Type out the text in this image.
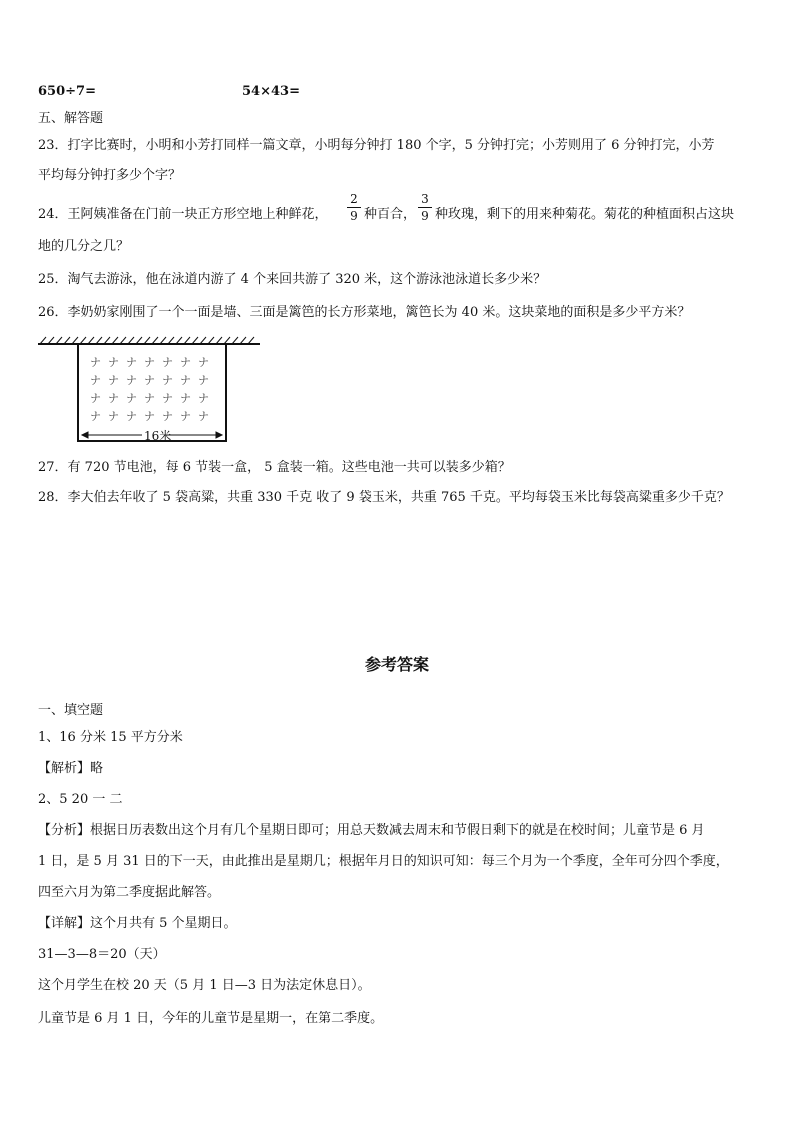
650÷7=	54×43=
五、解答题
23．打字比赛时，小明和小芳打同样一篇文章，小明每分钟打 180 个字，5 分钟打完；小芳则用了 6 分钟打完，小芳
平均每分钟打多少个字？
24．王阿姨准备在门前一块正方形空地上种鲜花，
2
9 种百合，
3
9 种玫瑰，剩下的用来种菊花。菊花的种植面积占这块
地的几分之几？
25．淘气去游泳，他在泳道内游了 4 个来回共游了 320 米，这个游泳池泳道长多少米？
26．李奶奶家刚围了一个一面是墙、三面是篱笆的长方形菜地，篱笆长为 40 米。这块菜地的面积是多少平方米？
ナ ナ ナ ナ ナ ナ ナ
ナ ナ ナ ナ ナ ナ ナ
ナ ナ ナ ナ ナ ナ ナ
ナ ナ ナ ナ ナ ナ ナ
16米
27．有 720 节电池，每 6 节装一盒， 5 盒装一箱。这些电池一共可以装多少箱？
28．李大伯去年收了 5 袋高粱，共重 330 千克 收了 9 袋玉米，共重 765 千克。平均每袋玉米比每袋高粱重多少千克？
参考答案
一、填空题
1、16 分米 15 平方分米
【解析】略
2、5 20 一 二
【分析】根据日历表数出这个月有几个星期日即可；用总天数减去周末和节假日剩下的就是在校时间；儿童节是 6 月
1 日，是 5 月 31 日的下一天，由此推出是星期几；根据年月日的知识可知：每三个月为一个季度，全年可分四个季度，
四至六月为第二季度据此解答。
【详解】这个月共有 5 个星期日。
31—3—8＝20（天）
这个月学生在校 20 天（5 月 1 日—3 日为法定休息日）。
儿童节是 6 月 1 日，今年的儿童节是星期一，在第二季度。
